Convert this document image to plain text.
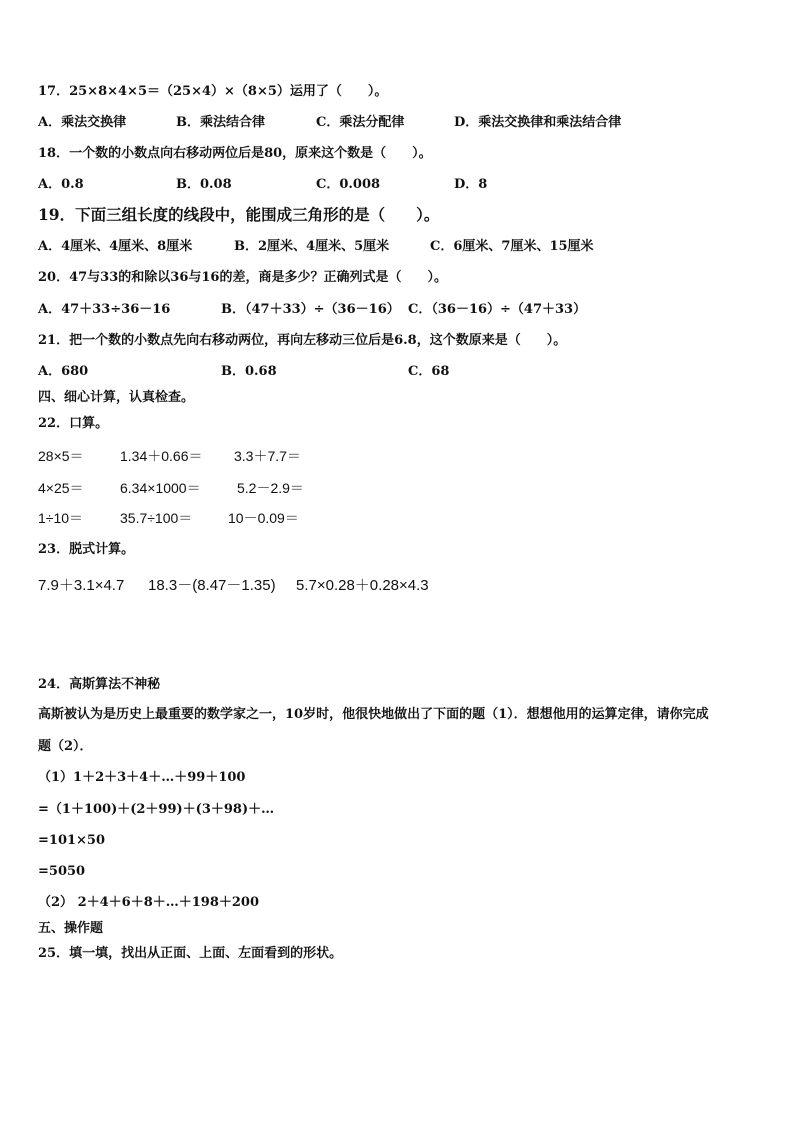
17．25×8×4×5＝（25×4）×（8×5）运用了（　　）。
A．乘法交换律	B．乘法结合律	C．乘法分配律	D．乘法交换律和乘法结合律
18．一个数的小数点向右移动两位后是80，原来这个数是（　　）。
A．0.8	B．0.08	C．0.008	D．8
19．下面三组长度的线段中，能围成三角形的是（　　）。
A．4厘米、4厘米、8厘米	B．2厘米、4厘米、5厘米	C．6厘米、7厘米、15厘米
20．47与33的和除以36与16的差，商是多少？正确列式是（　　）。
A．47＋33÷36－16	B．（47＋33）÷（36－16） C．（36－16）÷（47＋33）
21．把一个数的小数点先向右移动两位，再向左移动三位后是6.8，这个数原来是（　　）。
A．680	B．0.68	C．68
四、细心计算，认真检查。
22．口算。
28×5＝	1.34＋0.66＝ 3.3＋7.7＝
4×25＝	6.34×1000＝	5.2－2.9＝
1÷10＝	35.7÷100＝	10－0.09＝
23．脱式计算。
7.9＋3.1×4.7 18.3－(8.47－1.35) 5.7×0.28＋0.28×4.3
24．高斯算法不神秘
高斯被认为是历史上最重要的数学家之一，10岁时，他很快地做出了下面的题（1）．想想他用的运算定律，请你完成
题（2）．
（1）1＋2＋3＋4＋…＋99＋100
=（1＋100)＋(2＋99)＋(3＋98)＋…
=101×50
=5050
（2） 2＋4＋6＋8＋…＋198＋200
五、操作题
25．填一填，找出从正面、上面、左面看到的形状。
